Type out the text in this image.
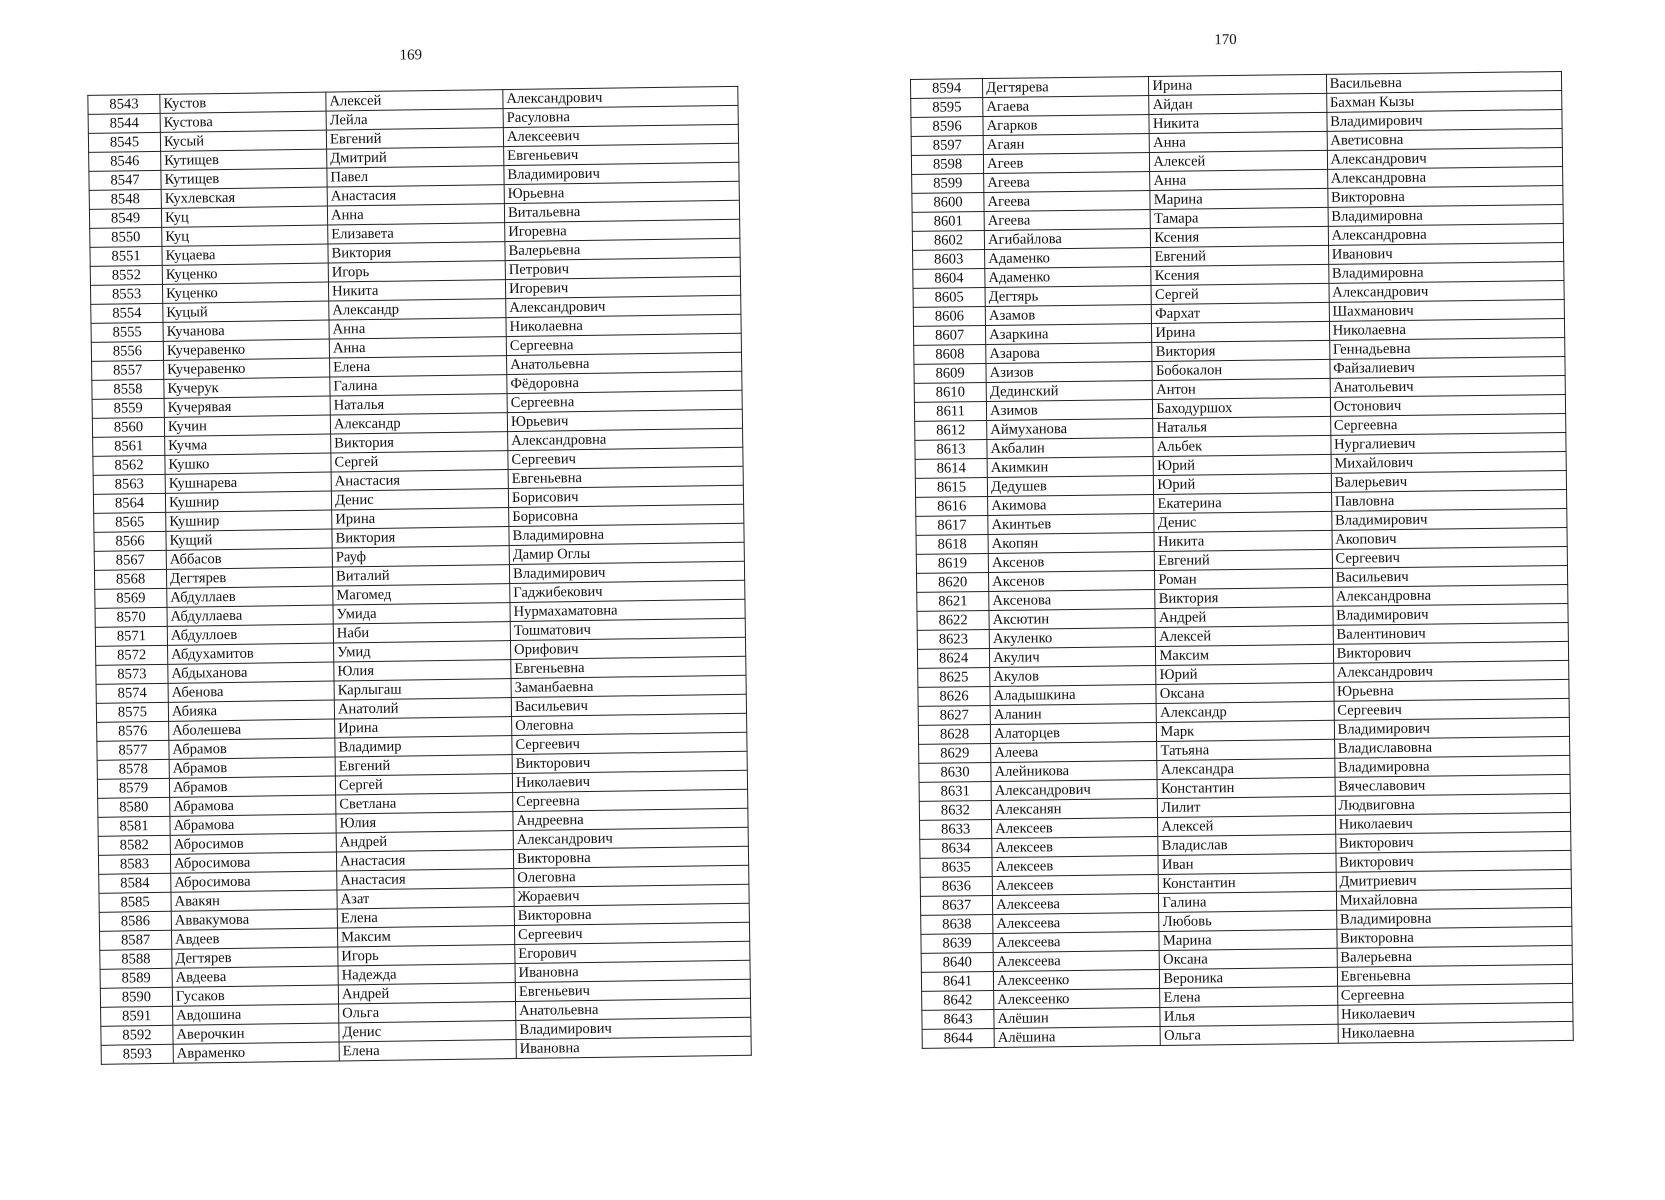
169
8543	Кустов	Алексей	Александрович
8544	Кустова	Лейла	Расуловна
8545	Кусый	Евгений	Алексеевич
8546	Кутищев	Дмитрий	Евгеньевич
8547	Кутищев	Павел	Владимирович
8548	Кухлевская	Анастасия	Юрьевна
8549	Куц	Анна	Витальевна
8550	Куц	Елизавета	Игоревна
8551	Куцаева	Виктория	Валерьевна
8552	Куценко	Игорь	Петрович
8553	Куценко	Никита	Игоревич
8554	Куцый	Александр	Александрович
8555	Кучанова	Анна	Николаевна
8556	Кучеравенко	Анна	Сергеевна
8557	Кучеравенко	Елена	Анатольевна
8558	Кучерук	Галина	Фёдоровна
8559	Кучерявая	Наталья	Сергеевна
8560	Кучин	Александр	Юрьевич
8561	Кучма	Виктория	Александровна
8562	Кушко	Сергей	Сергеевич
8563	Кушнарева	Анастасия	Евгеньевна
8564	Кушнир	Денис	Борисович
8565	Кушнир	Ирина	Борисовна
8566	Кущий	Виктория	Владимировна
8567	Аббасов	Рауф	Дамир Оглы
8568	Дегтярев	Виталий	Владимирович
8569	Абдуллаев	Магомед	Гаджибекович
8570	Абдуллаева	Умида	Нурмахаматовна
8571	Абдуллоев	Наби	Тошматович
8572	Абдухамитов	Умид	Орифович
8573	Абдыханова	Юлия	Евгеньевна
8574	Абенова	Карлыгаш	Заманбаевна
8575	Абияка	Анатолий	Васильевич
8576	Аболешева	Ирина	Олеговна
8577	Абрамов	Владимир	Сергеевич
8578	Абрамов	Евгений	Викторович
8579	Абрамов	Сергей	Николаевич
8580	Абрамова	Светлана	Сергеевна
8581	Абрамова	Юлия	Андреевна
8582	Абросимов	Андрей	Александрович
8583	Абросимова	Анастасия	Викторовна
8584	Абросимова	Анастасия	Олеговна
8585	Авакян	Азат	Жораевич
8586	Аввакумова	Елена	Викторовна
8587	Авдеев	Максим	Сергеевич
8588	Дегтярев	Игорь	Егорович
8589	Авдеева	Надежда	Ивановна
8590	Гусаков	Андрей	Евгеньевич
8591	Авдошина	Ольга	Анатольевна
8592	Аверочкин	Денис	Владимирович
8593	Авраменко	Елена	Ивановна
170
8594	Дегтярева	Ирина	Васильевна
8595	Агаева	Айдан	Бахман Кызы
8596	Агарков	Никита	Владимирович
8597	Агаян	Анна	Аветисовна
8598	Агеев	Алексей	Александрович
8599	Агеева	Анна	Александровна
8600	Агеева	Марина	Викторовна
8601	Агеева	Тамара	Владимировна
8602	Агибайлова	Ксения	Александровна
8603	Адаменко	Евгений	Иванович
8604	Адаменко	Ксения	Владимировна
8605	Дегтярь	Сергей	Александрович
8606	Азамов	Фархат	Шахманович
8607	Азаркина	Ирина	Николаевна
8608	Азарова	Виктория	Геннадьевна
8609	Азизов	Бобокалон	Файзалиевич
8610	Дединский	Антон	Анатольевич
8611	Азимов	Баходуршох	Остонович
8612	Аймуханова	Наталья	Сергеевна
8613	Акбалин	Альбек	Нургалиевич
8614	Акимкин	Юрий	Михайлович
8615	Дедушев	Юрий	Валерьевич
8616	Акимова	Екатерина	Павловна
8617	Акинтьев	Денис	Владимирович
8618	Акопян	Никита	Акопович
8619	Аксенов	Евгений	Сергеевич
8620	Аксенов	Роман	Васильевич
8621	Аксенова	Виктория	Александровна
8622	Аксютин	Андрей	Владимирович
8623	Акуленко	Алексей	Валентинович
8624	Акулич	Максим	Викторович
8625	Акулов	Юрий	Александрович
8626	Аладышкина	Оксана	Юрьевна
8627	Аланин	Александр	Сергеевич
8628	Алаторцев	Марк	Владимирович
8629	Алеева	Татьяна	Владиславовна
8630	Алейникова	Александра	Владимировна
8631	Александрович	Константин	Вячеславович
8632	Алексанян	Лилит	Людвиговна
8633	Алексеев	Алексей	Николаевич
8634	Алексеев	Владислав	Викторович
8635	Алексеев	Иван	Викторович
8636	Алексеев	Константин	Дмитриевич
8637	Алексеева	Галина	Михайловна
8638	Алексеева	Любовь	Владимировна
8639	Алексеева	Марина	Викторовна
8640	Алексеева	Оксана	Валерьевна
8641	Алексеенко	Вероника	Евгеньевна
8642	Алексеенко	Елена	Сергеевна
8643	Алёшин	Илья	Николаевич
8644	Алёшина	Ольга	Николаевна
